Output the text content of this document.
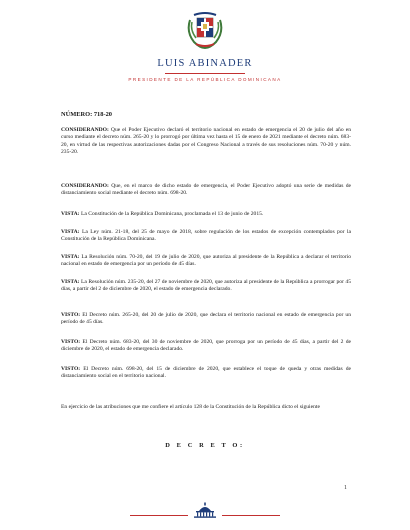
LUIS ABINADER
PRESIDENTE DE LA REPÚBLICA DOMINICANA
NÚMERO: 718-20
CONSIDERANDO: Que el Poder Ejecutivo declaró el territorio nacional en estado de emergencia el 20 de julio del año en curso mediante el decreto núm. 265-20 y lo prorrogó por última vez hasta el 15 de enero de 2021 mediante el decreto núm. 683-20, en virtud de las respectivas autorizaciones dadas por el Congreso Nacional a través de sus resoluciones núm. 70-20 y núm. 235-20.
CONSIDERANDO: Que, en el marco de dicho estado de emergencia, el Poder Ejecutivo adoptó una serie de medidas de distanciamiento social mediante el decreto núm. 698-20.
VISTA: La Constitución de la República Dominicana, proclamada el 13 de junio de 2015.
VISTA: La Ley núm. 21-18, del 25 de mayo de 2018, sobre regulación de los estados de excepción contemplados por la Constitución de la República Dominicana.
VISTA: La Resolución núm. 70-20, del 19 de julio de 2020, que autoriza al presidente de la República a declarar el territorio nacional en estado de emergencia por un período de 45 días.
VISTA: La Resolución núm. 235-20, del 27 de noviembre de 2020, que autoriza al presidente de la República a prorrogar por 45 días, a partir del 2 de diciembre de 2020, el estado de emergencia declarado.
VISTO: El Decreto núm. 265-20, del 20 de julio de 2020, que declara el territorio nacional en estado de emergencia por un período de 45 días.
VISTO: El Decreto núm. 683-20, del 30 de noviembre de 2020, que prorroga por un período de 45 días, a partir del 2 de diciembre de 2020, el estado de emergencia declarado.
VISTO: El Decreto núm. 698-20, del 15 de diciembre de 2020, que establece el toque de queda y otras medidas de distanciamiento social en el territorio nacional.
En ejercicio de las atribuciones que me confiere el artículo 128 de la Constitución de la República dicto el siguiente
D E C R E T O:
1
